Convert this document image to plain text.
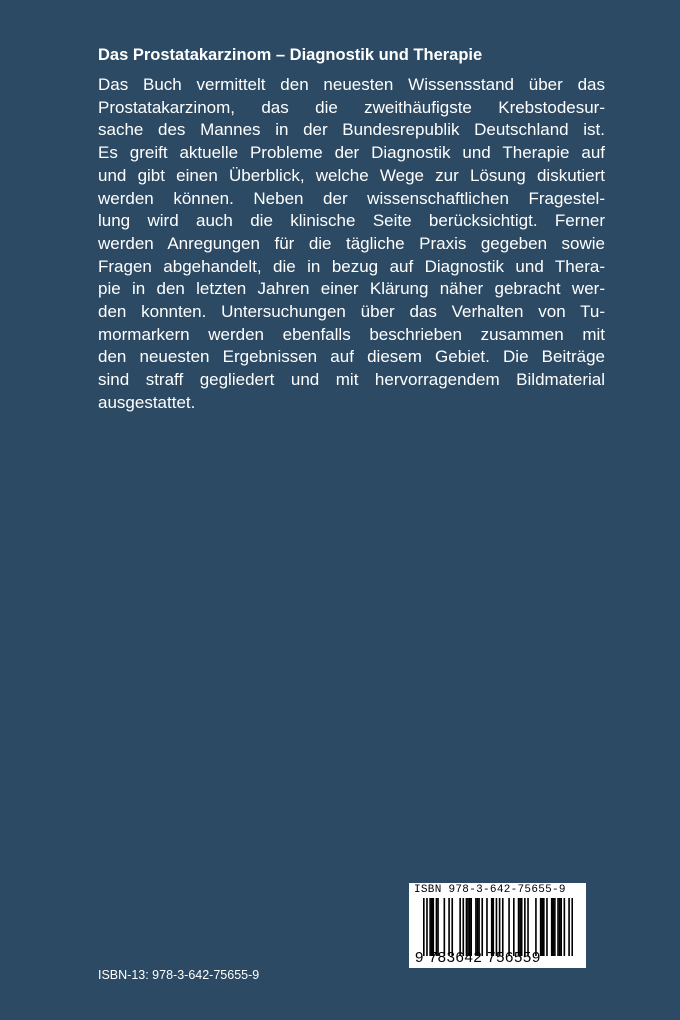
Das Prostatakarzinom – Diagnostik und Therapie

Das Buch vermittelt den neuesten Wissensstand über das
Prostatakarzinom, das die zweithäufigste Krebstodesur-
sache des Mannes in der Bundesrepublik Deutschland ist.
Es greift aktuelle Probleme der Diagnostik und Therapie auf
und gibt einen Überblick, welche Wege zur Lösung diskutiert
werden können. Neben der wissenschaftlichen Fragestel-
lung wird auch die klinische Seite berücksichtigt. Ferner
werden Anregungen für die tägliche Praxis gegeben sowie
Fragen abgehandelt, die in bezug auf Diagnostik und Thera-
pie in den letzten Jahren einer Klärung näher gebracht wer-
den konnten. Untersuchungen über das Verhalten von Tu-
mormarkern werden ebenfalls beschrieben zusammen mit
den neuesten Ergebnissen auf diesem Gebiet. Die Beiträge
sind straff gegliedert und mit hervorragendem Bildmaterial
ausgestattet.

ISBN 978-3-642-75655-9
9 783642 756559
ISBN-13: 978-3-642-75655-9
